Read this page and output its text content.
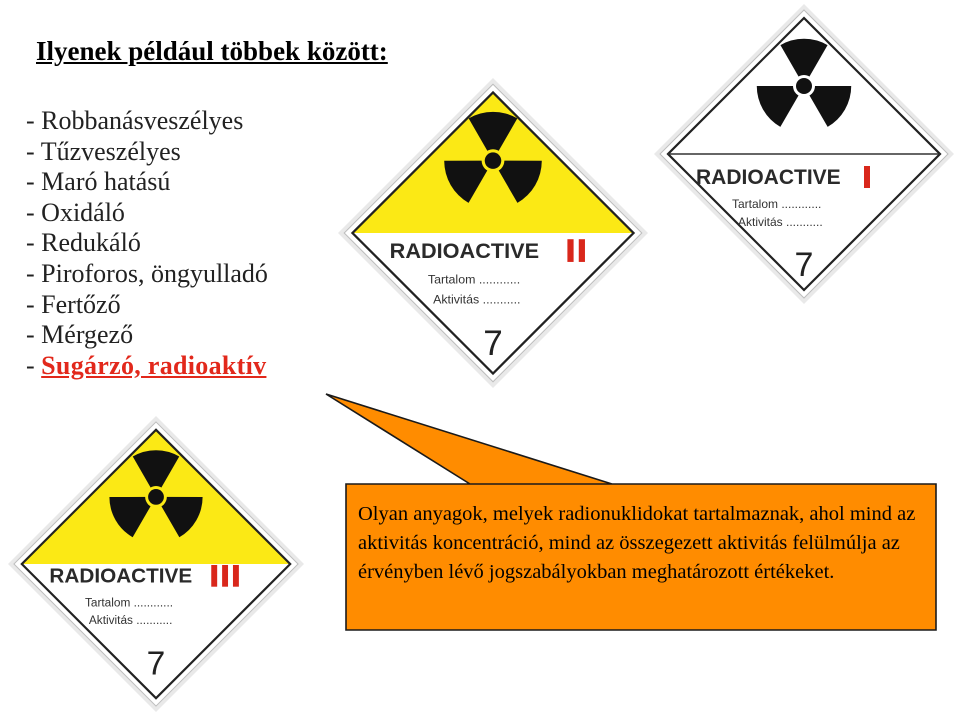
Ilyenek például többek között:
- Robbanásveszélyes
- Tűzveszélyes
- Maró hatású
- Oxidáló
- Redukáló
- Piroforos, öngyulladó
- Fertőző
- Mérgező
- Sugárzó, radioaktív
RADIOACTIVE
Tartalom ............
Aktivitás ...........
7
RADIOACTIVE
Tartalom ............
Aktivitás ...........
7
RADIOACTIVE
Tartalom ............
Aktivitás ...........
7
Olyan anyagok, melyek radionuklidokat tartalmaznak, ahol mind az aktivitás koncentráció, mind az összegezett aktivitás felülmúlja az érvényben lévő jogszabályokban meghatározott értékeket.
